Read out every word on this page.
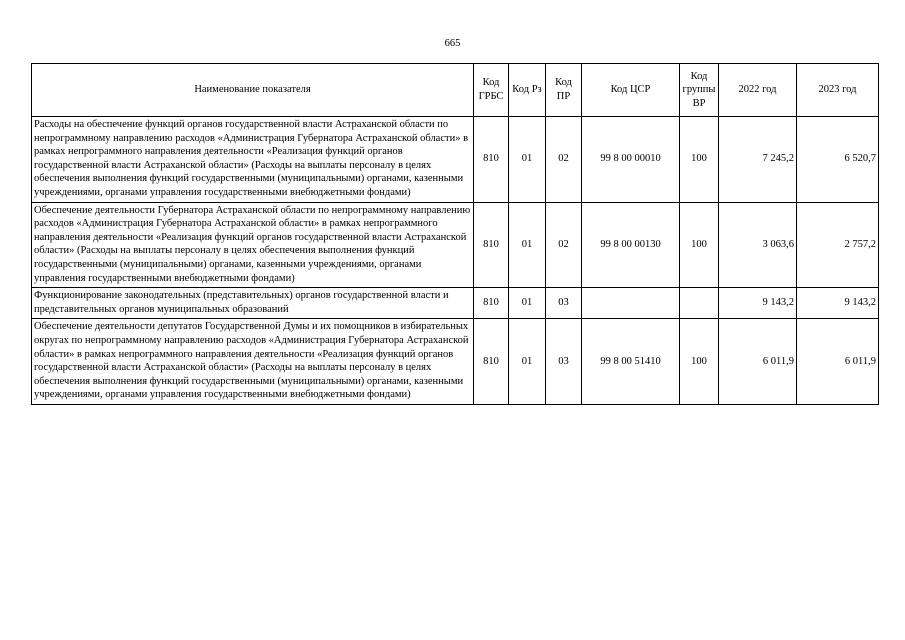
665
Наименование показателя	Код ГРБС	Код Рз	Код ПР	Код ЦСР	Код группы ВР	2022 год	2023 год
Расходы на обеспечение функций органов государственной власти Астраханской области по непрограммному направлению расходов «Администрация Губернатора Астраханской области» в рамках непрограммного направления деятельности «Реализация функций органов государственной власти Астраханской области» (Расходы на выплаты персоналу в целях обеспечения выполнения функций государственными (муниципальными) органами, казенными учреждениями, органами управления государственными внебюджетными фондами)	810	01	02	99 8 00 00010	100	7 245,2	6 520,7
Обеспечение деятельности Губернатора Астраханской области по непрограммному направлению расходов «Администрация Губернатора Астраханской области» в рамках непрограммного направления деятельности «Реализация функций органов государственной власти Астраханской области» (Расходы на выплаты персоналу в целях обеспечения выполнения функций государственными (муниципальными) органами, казенными учреждениями, органами управления государственными внебюджетными фондами)	810	01	02	99 8 00 00130	100	3 063,6	2 757,2
Функционирование законодательных (представительных) органов государственной власти и представительных органов муниципальных образований	810	01	03			9 143,2	9 143,2
Обеспечение деятельности депутатов Государственной Думы и их помощников в избирательных округах по непрограммному направлению расходов «Администрация Губернатора Астраханской области» в рамках непрограммного направления деятельности «Реализация функций органов государственной власти Астраханской области» (Расходы на выплаты персоналу в целях обеспечения выполнения функций государственными (муниципальными) органами, казенными учреждениями, органами управления государственными внебюджетными фондами)	810	01	03	99 8 00 51410	100	6 011,9	6 011,9
